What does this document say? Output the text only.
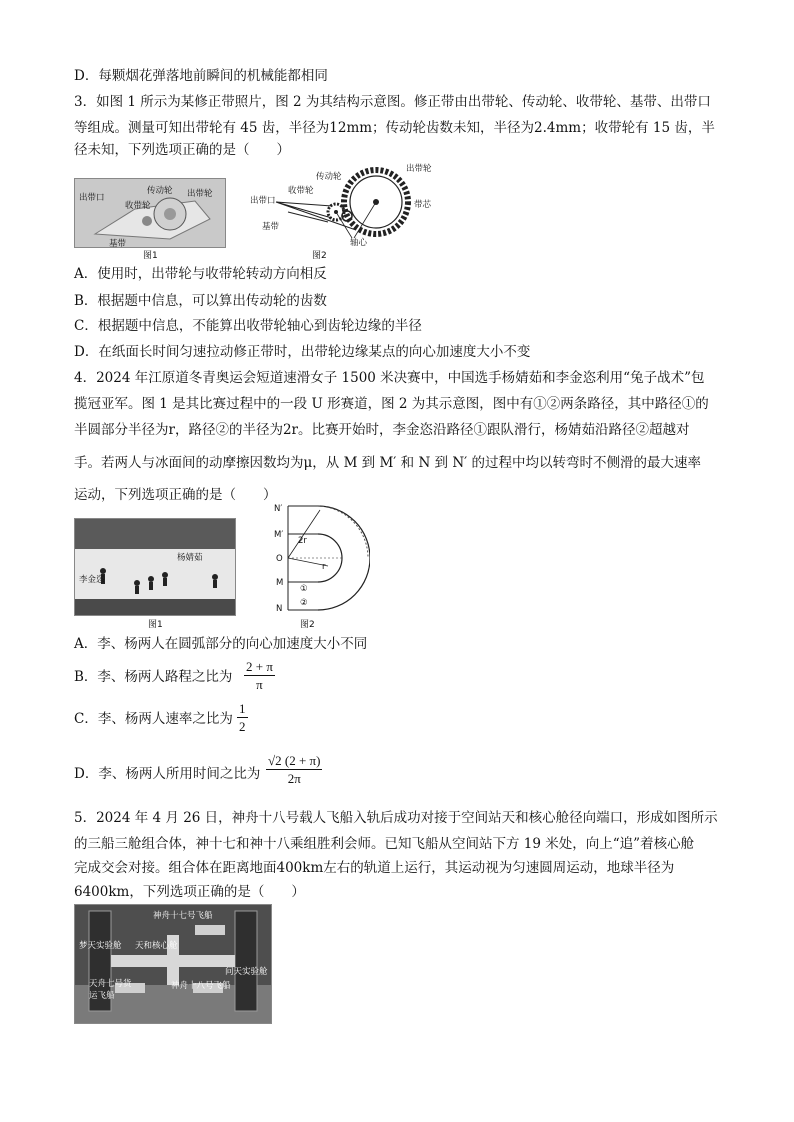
D．每颗烟花弹落地前瞬间的机械能都相同
3．如图 1 所示为某修正带照片，图 2 为其结构示意图。修正带由出带轮、传动轮、收带轮、基带、出带口
等组成。测量可知出带轮有 45 齿，半径为12mm；传动轮齿数未知，半径为2.4mm；收带轮有 15 齿，半
径未知，下列选项正确的是（　　）
出带口
收带轮
传动轮 出带轮
基带
图1
传动轮
出带轮
出带口
收带轮
带芯
基带
轴心
图2
A．使用时，出带轮与收带轮转动方向相反
B．根据题中信息，可以算出传动轮的齿数
C．根据题中信息，不能算出收带轮轴心到齿轮边缘的半径
D．在纸面长时间匀速拉动修正带时，出带轮边缘某点的向心加速度大小不变
4．2024 年江原道冬青奥运会短道速滑女子 1500 米决赛中，中国选手杨婧茹和李金恣利用“兔子战术”包
揽冠亚军。图 1 是其比赛过程中的一段 U 形赛道，图 2 为其示意图，图中有①②两条路径，其中路径①的
半圆部分半径为r，路径②的半径为2r。比赛开始时，李金恣沿路径①跟队滑行，杨婧茹沿路径②超越对
手。若两人与冰面间的动摩擦因数均为μ，从 M 到 M′ 和 N 到 N′ 的过程中均以转弯时不侧滑的最大速率
运动，下列选项正确的是（　　）
杨婧茹
李金恣
图1
N′
M′
O
M
N
2r
r
①
②
图2
A．李、杨两人在圆弧部分的向心加速度大小不同
B．李、杨两人路程之比为 $\frac{2 + \pi}{\pi}$
C．李、杨两人速率之比为 $\frac{1}{2}$
D．李、杨两人所用时间之比为 $\frac{√2 (2 + \pi)}{2\pi}$
5．2024 年 4 月 26 日，神舟十八号载人飞船入轨后成功对接于空间站天和核心舱径向端口，形成如图所示
的三船三舱组合体，神十七和神十八乘组胜利会师。已知飞船从空间站下方 19 米处，向上“追”着核心舱
完成交会对接。组合体在距离地面400km左右的轨道上运行，其运动视为匀速圆周运动，地球半径为
6400km，下列选项正确的是（　　）
神舟十七号飞船
梦天实验舱 天和核心舱
问天实验舱
天舟七号货运飞船
神舟十八号飞船
